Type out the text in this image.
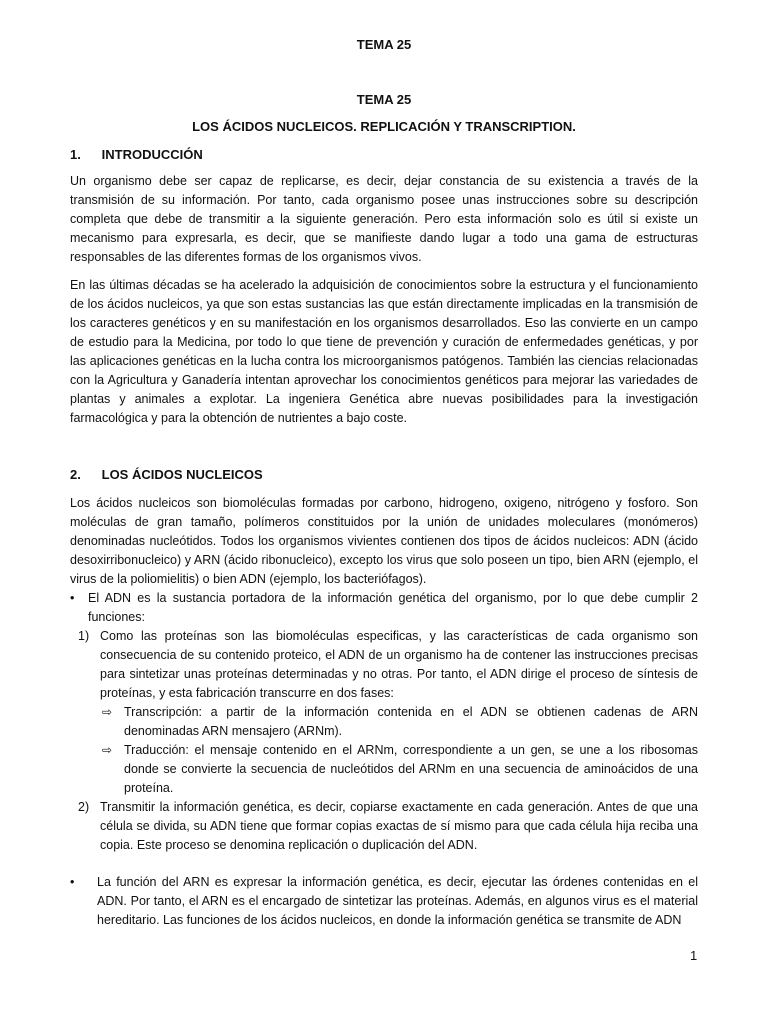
TEMA 25
TEMA 25
LOS ÁCIDOS NUCLEICOS. REPLICACIÓN Y TRANSCRIPTION.
1. INTRODUCCIÓN

Un organismo debe ser capaz de replicarse, es decir, dejar constancia de su existencia a través de la transmisión de su información. Por tanto, cada organismo posee unas instrucciones sobre su descripción completa que debe de transmitir a la siguiente generación. Pero esta información solo es útil si existe un mecanismo para expresarla, es decir, que se manifieste dando lugar a todo una gama de estructuras responsables de las diferentes formas de los organismos vivos.

En las últimas décadas se ha acelerado la adquisición de conocimientos sobre la estructura y el funcionamiento de los ácidos nucleicos, ya que son estas sustancias las que están directamente implicadas en la transmisión de los caracteres genéticos y en su manifestación en los organismos desarrollados. Eso las convierte en un campo de estudio para la Medicina, por todo lo que tiene de prevención y curación de enfermedades genéticas, y por las aplicaciones genéticas en la lucha contra los microorganismos patógenos. También las ciencias relacionadas con la Agricultura y Ganadería intentan aprovechar los conocimientos genéticos para mejorar las variedades de plantas y animales a explotar. La ingeniera Genética abre nuevas posibilidades para la investigación farmacológica y para la obtención de nutrientes a bajo coste.

2. LOS ÁCIDOS NUCLEICOS

Los ácidos nucleicos son biomoléculas formadas por carbono, hidrogeno, oxigeno, nitrógeno y fosforo. Son moléculas de gran tamaño, polímeros constituidos por la unión de unidades moleculares (monómeros) denominadas nucleótidos. Todos los organismos vivientes contienen dos tipos de ácidos nucleicos: ADN (ácido desoxirribonucleico) y ARN (ácido ribonucleico), excepto los virus que solo poseen un tipo, bien ARN (ejemplo, el virus de la poliomielitis) o bien ADN (ejemplo, los bacteriófagos).

• El ADN es la sustancia portadora de la información genética del organismo, por lo que debe cumplir 2 funciones:
1) Como las proteínas son las biomoléculas especificas, y las características de cada organismo son consecuencia de su contenido proteico, el ADN de un organismo ha de contener las instrucciones precisas para sintetizar unas proteínas determinadas y no otras. Por tanto, el ADN dirige el proceso de síntesis de proteínas, y esta fabricación transcurre en dos fases:
⇨ Transcripción: a partir de la información contenida en el ADN se obtienen cadenas de ARN denominadas ARN mensajero (ARNm).
⇨ Traducción: el mensaje contenido en el ARNm, correspondiente a un gen, se une a los ribosomas donde se convierte la secuencia de nucleótidos del ARNm en una secuencia de aminoácidos de una proteína.
2) Transmitir la información genética, es decir, copiarse exactamente en cada generación. Antes de que una célula se divida, su ADN tiene que formar copias exactas de sí mismo para que cada célula hija reciba una copia. Este proceso se denomina replicación o duplicación del ADN.
• La función del ARN es expresar la información genética, es decir, ejecutar las órdenes contenidas en el ADN. Por tanto, el ARN es el encargado de sintetizar las proteínas. Además, en algunos virus es el material hereditario. Las funciones de los ácidos nucleicos, en donde la información genética se transmite de ADN
1
